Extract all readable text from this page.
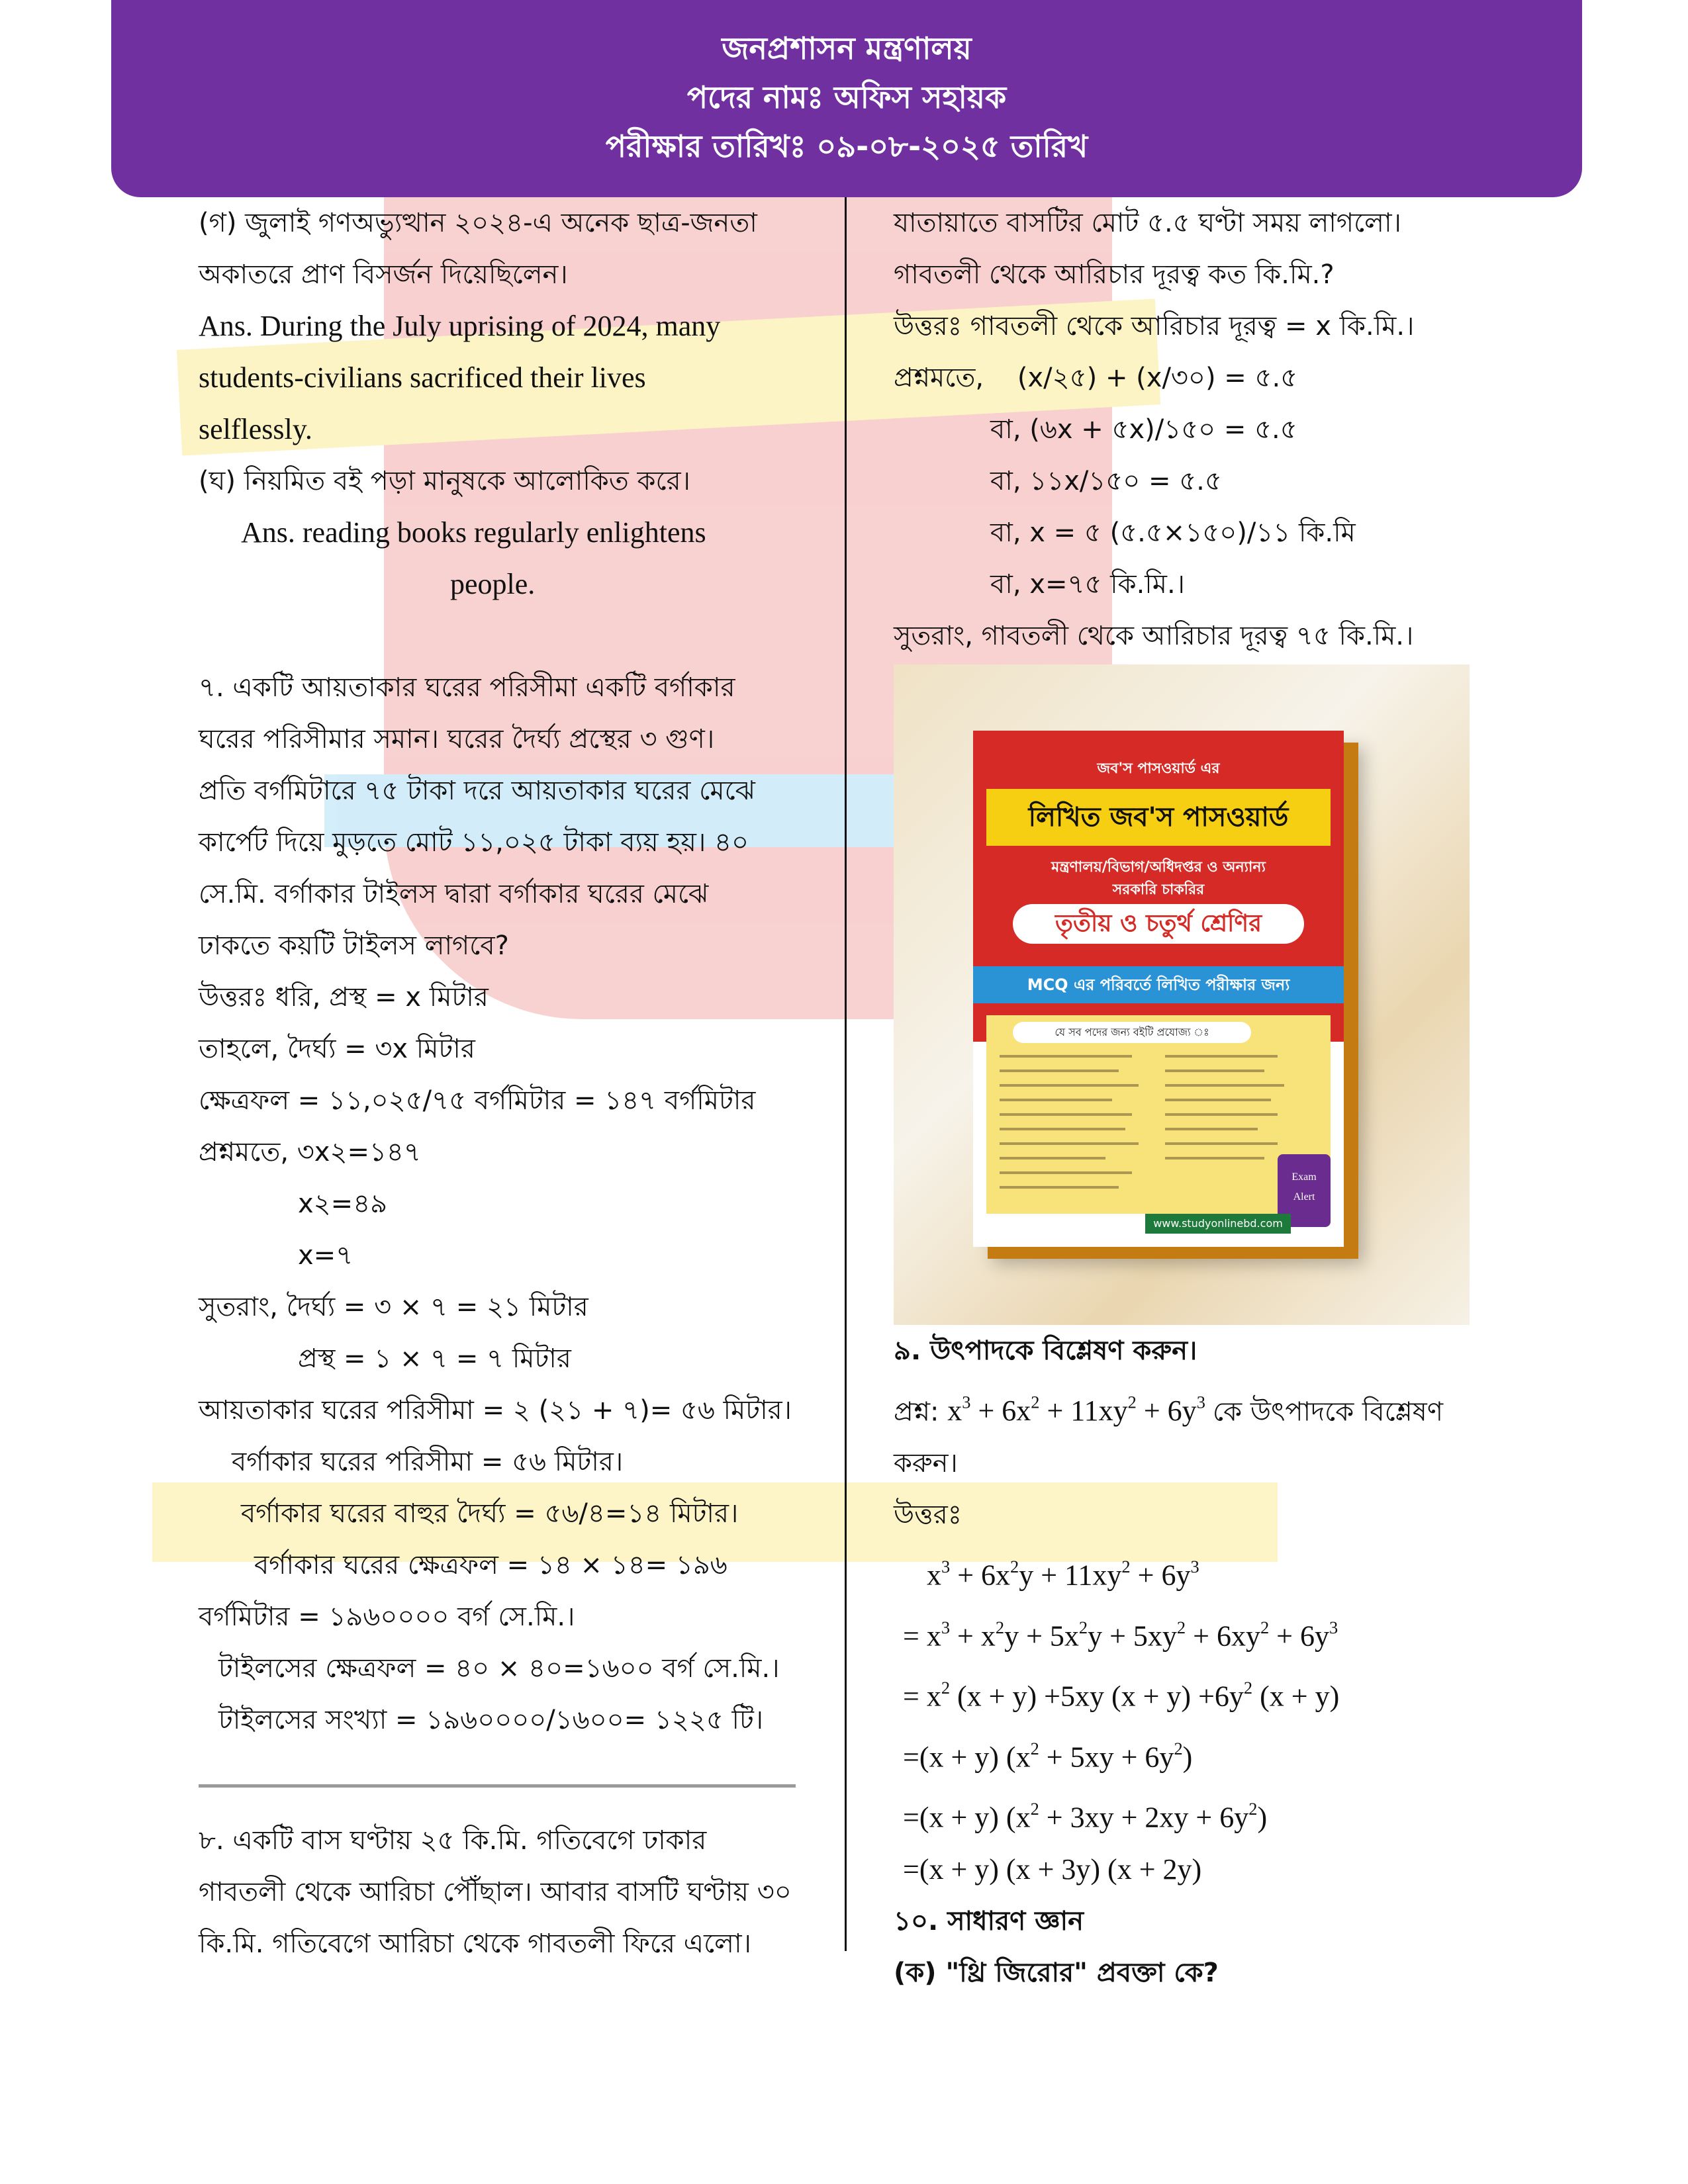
জনপ্রশাসন মন্ত্রণালয়
পদের নামঃ অফিস সহায়ক
পরীক্ষার তারিখঃ ০৯-০৮-২০২৫ তারিখ

(গ) জুলাই গণঅভ্যুত্থান ২০২৪-এ অনেক ছাত্র-জনতা

অকাতরে প্রাণ বিসর্জন দিয়েছিলেন।

Ans. During the July uprising of 2024, many

students-civilians sacrificed their lives

selflessly.

(ঘ) নিয়মিত বই পড়া মানুষকে আলোকিত করে।

Ans. reading books regularly enlightens

people.

৭. একটি আয়তাকার ঘরের পরিসীমা একটি বর্গাকার

ঘরের পরিসীমার সমান। ঘরের দৈর্ঘ্য প্রস্থের ৩ গুণ।

প্রতি বর্গমিটারে ৭৫ টাকা দরে আয়তাকার ঘরের মেঝে

কার্পেট দিয়ে মুড়তে মোট ১১,০২৫ টাকা ব্যয় হয়। ৪০

সে.মি. বর্গাকার টাইলস দ্বারা বর্গাকার ঘরের মেঝে

ঢাকতে কয়টি টাইলস লাগবে?

উত্তরঃ ধরি, প্রস্থ = x মিটার

তাহলে, দৈর্ঘ্য = ৩x মিটার

ক্ষেত্রফল = ১১,০২৫/৭৫ বর্গমিটার = ১৪৭ বর্গমিটার

প্রশ্নমতে, ৩x২=১৪৭

x২=৪৯

x=৭

সুতরাং, দৈর্ঘ্য = ৩ × ৭ = ২১ মিটার

প্রস্থ = ১ × ৭ = ৭ মিটার

আয়তাকার ঘরের পরিসীমা = ২ (২১ + ৭)= ৫৬ মিটার।

বর্গাকার ঘরের পরিসীমা = ৫৬ মিটার।

বর্গাকার ঘরের বাহুর দৈর্ঘ্য = ৫৬/৪=১৪ মিটার।

বর্গাকার ঘরের ক্ষেত্রফল = ১৪ × ১৪= ১৯৬

বর্গমিটার = ১৯৬০০০০ বর্গ সে.মি.।

টাইলসের ক্ষেত্রফল = ৪০ × ৪০=১৬০০ বর্গ সে.মি.।

টাইলসের সংখ্যা = ১৯৬০০০০/১৬০০= ১২২৫ টি।

৮. একটি বাস ঘণ্টায় ২৫ কি.মি. গতিবেগে ঢাকার

গাবতলী থেকে আরিচা পৌঁছাল। আবার বাসটি ঘণ্টায় ৩০

কি.মি. গতিবেগে আরিচা থেকে গাবতলী ফিরে এলো।

যাতায়াতে বাসটির মোট ৫.৫ ঘণ্টা সময় লাগলো।

গাবতলী থেকে আরিচার দূরত্ব কত কি.মি.?

উত্তরঃ গাবতলী থেকে আরিচার দূরত্ব = x কি.মি.।

প্রশ্নমতে,    (x/২৫) + (x/৩০) = ৫.৫

বা, (৬x + ৫x)/১৫০ = ৫.৫

বা, ১১x/১৫০ = ৫.৫

বা, x = ৫ (৫.৫×১৫০)/১১ কি.মি

বা, x=৭৫ কি.মি.।

সুতরাং, গাবতলী থেকে আরিচার দূরত্ব ৭৫ কি.মি.।

জব'স পাসওয়ার্ড এর
লিখিত জব'স পাসওয়ার্ড
মন্ত্রণালয়/বিভাগ/অধিদপ্তর ও অন্যান্য
সরকারি চাকরির
তৃতীয় ও চতুর্থ শ্রেণির
MCQ এর পরিবর্তে লিখিত পরীক্ষার জন্য
যে সব পদের জন্য বইটি প্রযোজ্য ঃ
Exam
Alert
www.studyonlinebd.com

৯. উৎপাদকে বিশ্লেষণ করুন।

প্রশ্ন: $x^3 + 6x^2 + 11xy^2 + 6y^3$ কে উৎপাদকে বিশ্লেষণ

করুন।

উত্তরঃ

$x^3 + 6x^2y + 11xy^2 + 6y^3$

= $x^3 + x^2y + 5x^2y + 5xy^2 + 6xy^2 + 6y^3$

= $x^2$ (x + y) +5xy $(x + y) +6y^2$ (x + y)

=(x + y) $(x^2 + 5xy + 6y^2)$

=(x + y) $(x^2 + 3xy + 2xy + 6y^2)$

=(x + y) (x + 3y) (x + 2y)

১০. সাধারণ জ্ঞান

(ক) "থ্রি জিরোর" প্রবক্তা কে?
